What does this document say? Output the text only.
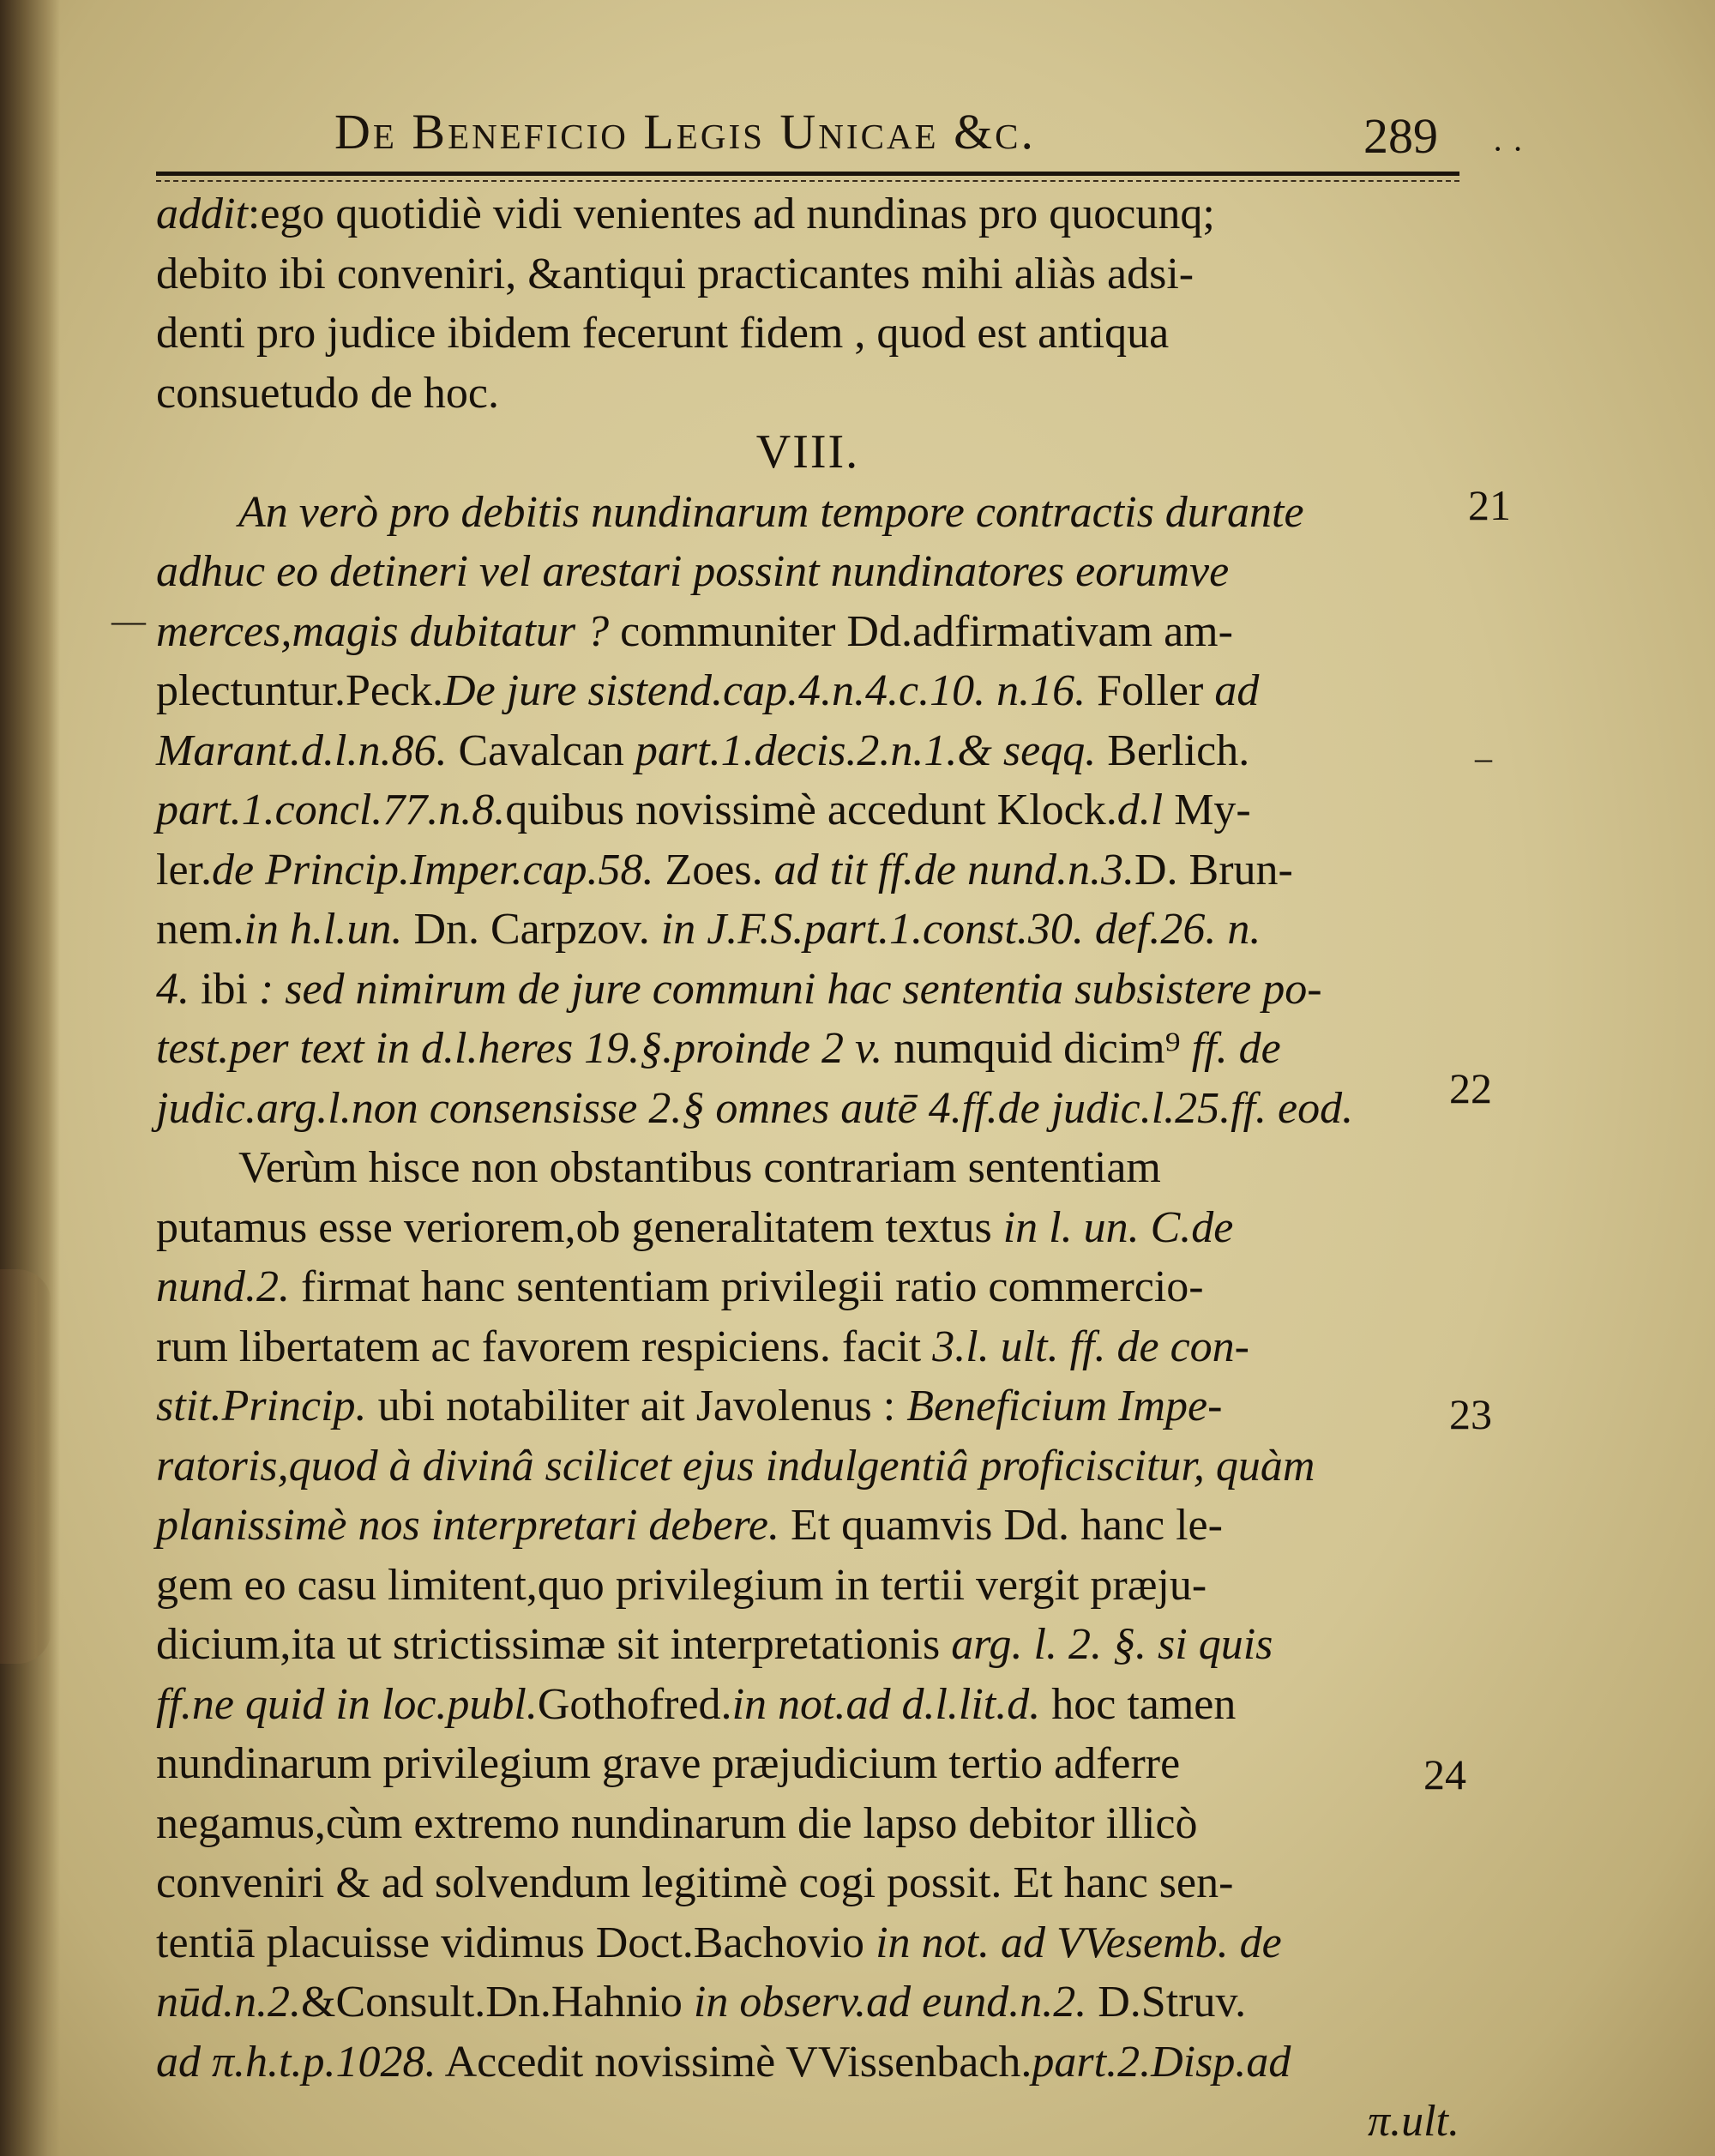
De Beneficio Legis Unicae &c.	289
addit:ego quotidiè vidi venientes ad nundinas pro quocunq;
debito ibi conveniri, &antiqui practicantes mihi aliàs adsi-
denti pro judice ibidem fecerunt fidem , quod est antiqua
consuetudo de hoc.
VIII.
An verò pro debitis nundinarum tempore contractis durante
adhuc eo detineri vel arestari possint nundinatores eorumve
merces,magis dubitatur ? communiter Dd.adfirmativam am-
plectuntur.Peck.De jure sistend.cap.4.n.4.c.10. n.16. Foller ad
Marant.d.l.n.86. Cavalcan part.1.decis.2.n.1.& seqq. Berlich.
part.1.concl.77.n.8.quibus novissimè accedunt Klock.d.l My-
ler.de Princip.Imper.cap.58. Zoes. ad tit ff.de nund.n.3.D. Brun-
nem.in h.l.un. Dn. Carpzov. in J.F.S.part.1.const.30. def.26. n.
4. ibi : sed nimirum de jure communi hac sententia subsistere po-
test.per text in d.l.heres 19.§.proinde 2 v. numquid dicim⁹ ff. de
judic.arg.l.non consensisse 2.§ omnes autē 4.ff.de judic.l.25.ff. eod.
Verùm hisce non obstantibus contrariam sententiam
putamus esse veriorem,ob generalitatem textus in l. un. C.de
nund.2. firmat hanc sententiam privilegii ratio commercio-
rum libertatem ac favorem respiciens. facit 3.l. ult. ff. de con-
stit.Princip. ubi notabiliter ait Javolenus : Beneficium Impe-
ratoris,quod à divinâ scilicet ejus indulgentiâ proficiscitur, quàm
planissimè nos interpretari debere. Et quamvis Dd. hanc le-
gem eo casu limitent,quo privilegium in tertii vergit præju-
dicium,ita ut strictissimæ sit interpretationis arg. l. 2. §. si quis
ff.ne quid in loc.publ.Gothofred.in not.ad d.l.lit.d. hoc tamen
nundinarum privilegium grave præjudicium tertio adferre
negamus,cùm extremo nundinarum die lapso debitor illicò
conveniri & ad solvendum legitimè cogi possit. Et hanc sen-
tentiā placuisse vidimus Doct.Bachovio in not. ad VVesemb. de
nūd.n.2.&Consult.Dn.Hahnio in observ.ad eund.n.2. D.Struv.
ad π.h.t.p.1028. Accedit novissimè VVissenbach.part.2.Disp.ad
π.ult.
21
22
23
24
—
–
· ·
